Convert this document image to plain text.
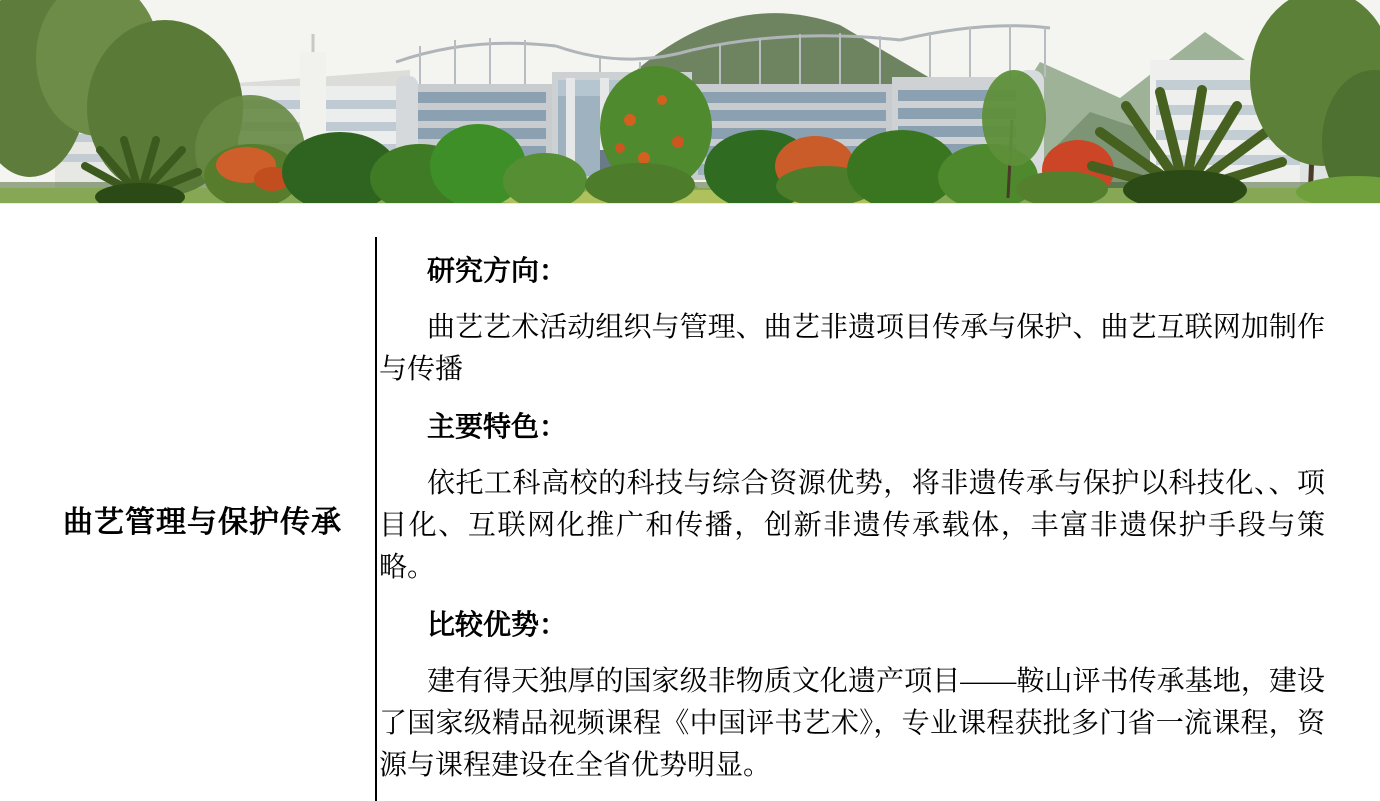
曲艺管理与保护传承
研究方向：

曲艺艺术活动组织与管理、曲艺非遗项目传承与保护、曲艺互联网加制作与传播

主要特色：

依托工科高校的科技与综合资源优势，将非遗传承与保护以科技化、、项目化、互联网化推广和传播，创新非遗传承载体，丰富非遗保护手段与策略。

比较优势：

建有得天独厚的国家级非物质文化遗产项目——鞍山评书传承基地，建设了国家级精品视频课程《中国评书艺术》，专业课程获批多门省一流课程，资源与课程建设在全省优势明显。
